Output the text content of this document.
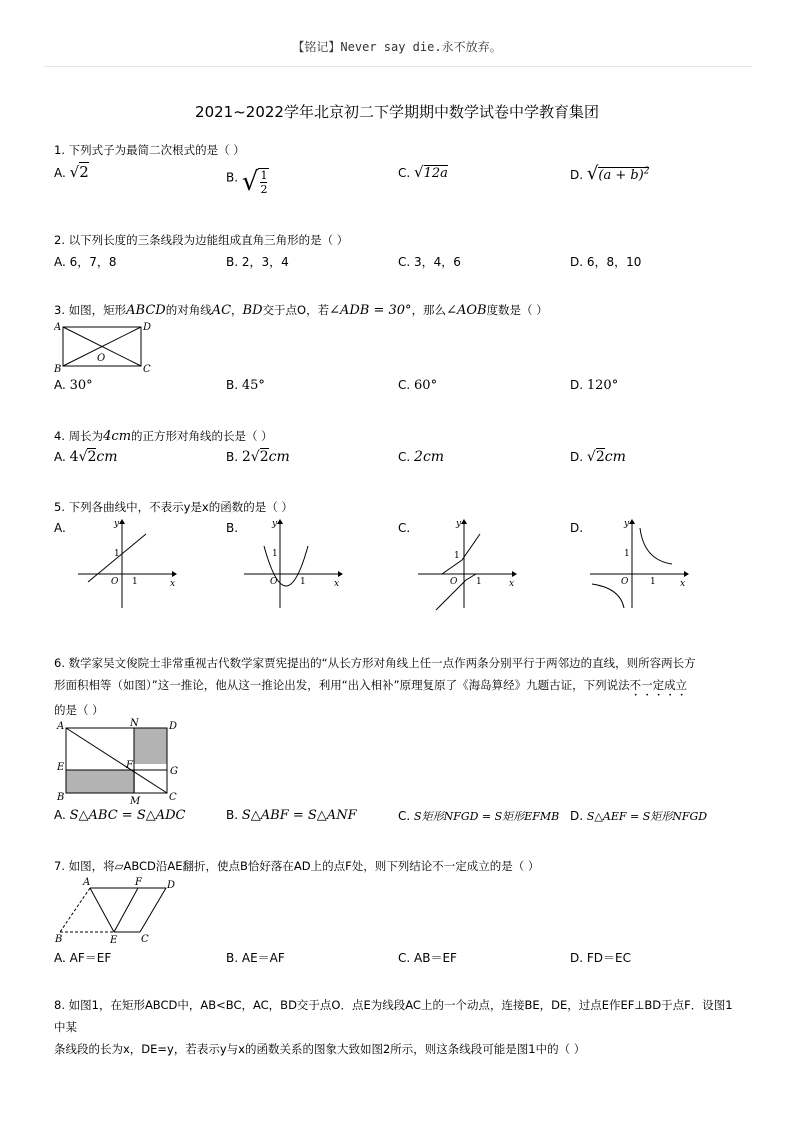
【铭记】Never say die.永不放弃。
2021~2022学年北京初二下学期期中数学试卷中学教育集团
1. 下列式子为最简二次根式的是（ ）
A. √2	B. √ $\frac{1}{2}$	C. √12a	D. $√(a + b)^2$
2. 以下列长度的三条线段为边能组成直角三角形的是（ ）
A. 6，7，8	B. 2，3，4	C. 3，4，6	D. 6，8，10
3. 如图，矩形ABCD的对角线AC，BD交于点O，若∠ADB = 30°，那么∠AOB度数是（ ）
A	D
B	C
O
A. 30°	B. 45°	C. 60°	D. 120°
4. 周长为4cm的正方形对角线的长是（ ）
A. 4√2cm	B. 2√2cm	C. 2cm	D. √2cm
5. 下列各曲线中，不表示y是x的函数的是（ ）
A.	B.	C.	D.
y
x
O 1
1
y
x
O	1
1
y
x
O 1
1
y
x
O 1
1
6. 数学家吴文俊院士非常重视古代数学家贾宪提出的“从长方形对角线上任一点作两条分别平行于两邻边的直线，则所容两长方
形面积相等（如图）”这一推论，他从这一推论出发，利用“出入相补”原理复原了《海岛算经》九题古证，下列说法不一定成立
的是（ ）
A	N	D
E	F
G
B	M	C
A. S△ABC = S△ADC	B. S△ABF = S△ANF	C. S矩形NFGD = S矩形EFMB D. S△AEF = S矩形NFGD
7. 如图，将▱ABCD沿AE翻折，使点B恰好落在AD上的点F处，则下列结论不一定成立的是（ ）
A	F	D
B	E C
A. AF＝EF	B. AE＝AF	C. AB＝EF	D. FD＝EC
8. 如图1，在矩形ABCD中，AB<BC，AC，BD交于点O．点E为线段AC上的一个动点，连接BE，DE，过点E作EF⊥BD于点F．设图1中某
条线段的长为x，DE=y，若表示y与x的函数关系的图象大致如图2所示，则这条线段可能是图1中的（ ）
